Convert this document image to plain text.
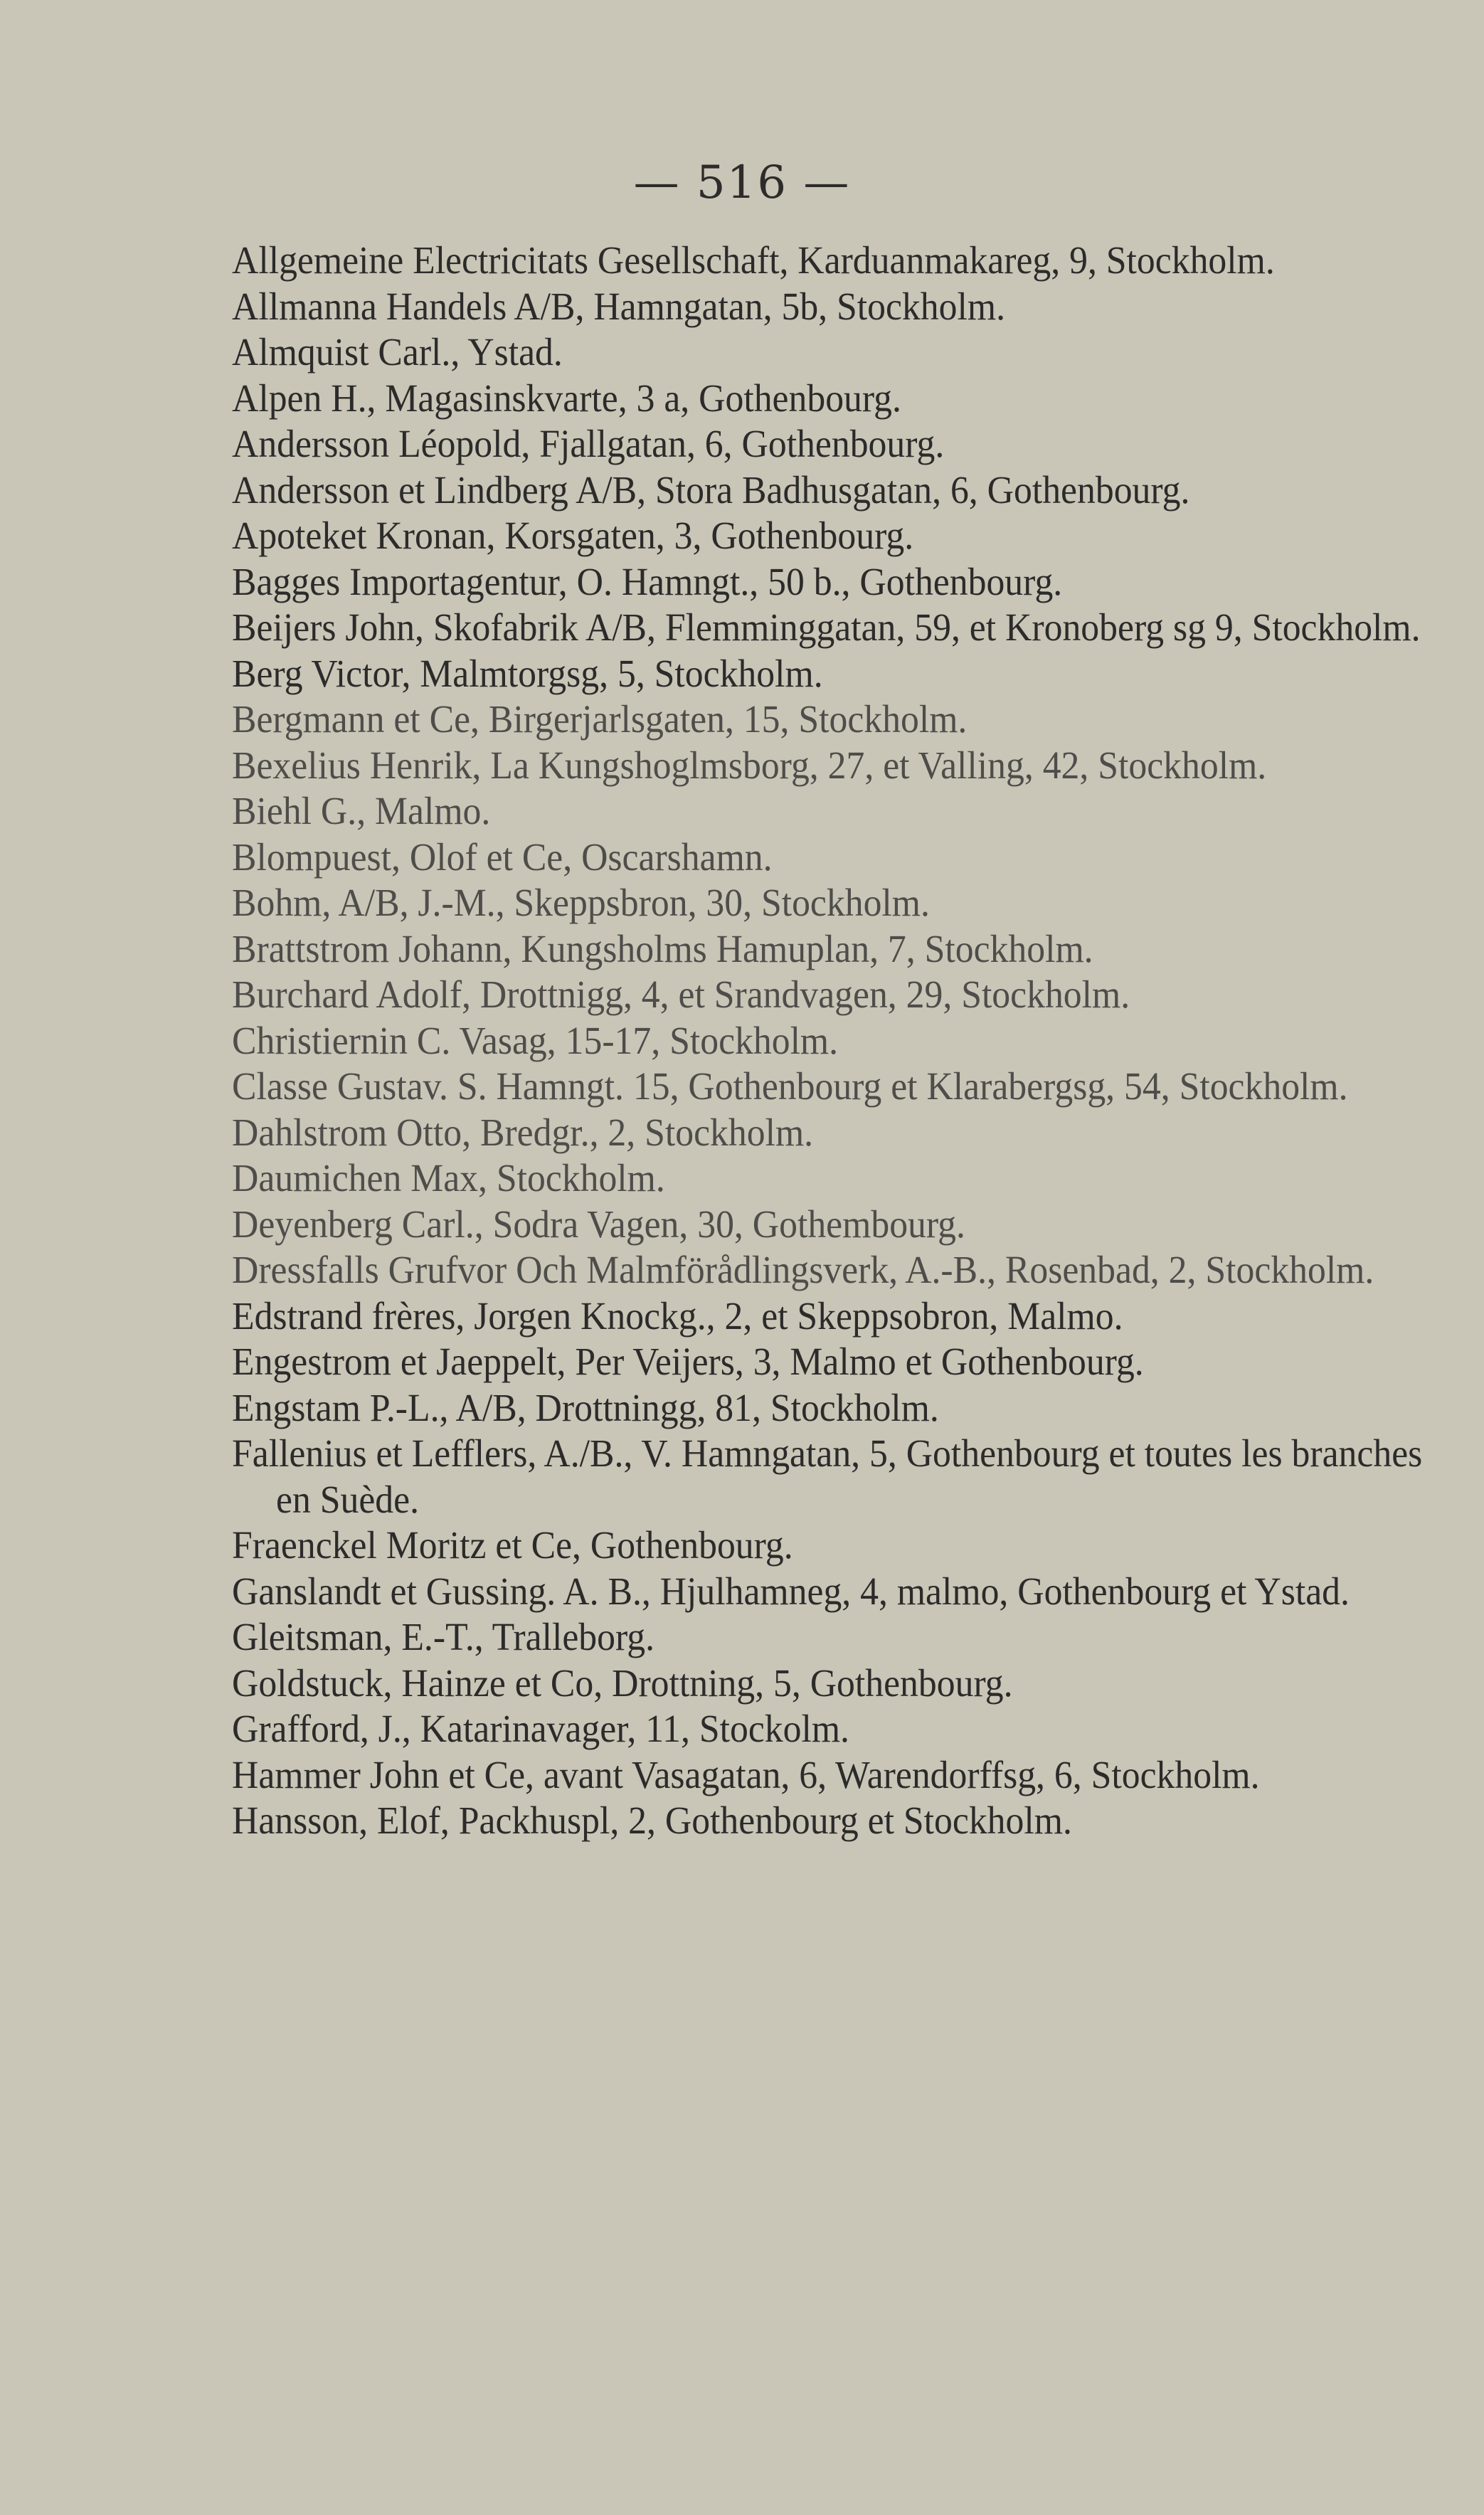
— 516 —
Allgemeine Electricitats Gesellschaft, Karduanmakareg, 9, Stockholm.
Allmanna Handels A/B, Hamngatan, 5b, Stockholm.
Almquist Carl., Ystad.
Alpen H., Magasinskvarte, 3 a, Gothenbourg.
Andersson Léopold, Fjallgatan, 6, Gothenbourg.
Andersson et Lindberg A/B, Stora Badhusgatan, 6, Gothenbourg.
Apoteket Kronan, Korsgaten, 3, Gothenbourg.
Bagges Importagentur, O. Hamngt., 50 b., Gothenbourg.
Beijers John, Skofabrik A/B, Flemminggatan, 59, et Kronoberg sg 9, Stockholm.
Berg Victor, Malmtorgsg, 5, Stockholm.
Bergmann et Ce, Birgerjarlsgaten, 15, Stockholm.
Bexelius Henrik, La Kungshoglmsborg, 27, et Valling, 42, Stockholm.
Biehl G., Malmo.
Blompuest, Olof et Ce, Oscarshamn.
Bohm, A/B, J.-M., Skeppsbron, 30, Stockholm.
Brattstrom Johann, Kungsholms Hamuplan, 7, Stockholm.
Burchard Adolf, Drottnigg, 4, et Srandvagen, 29, Stockholm.
Christiernin C. Vasag, 15-17, Stockholm.
Classe Gustav. S. Hamngt. 15, Gothenbourg et Klarabergsg, 54, Stockholm.
Dahlstrom Otto, Bredgr., 2, Stockholm.
Daumichen Max, Stockholm.
Deyenberg Carl., Sodra Vagen, 30, Gothembourg.
Dressfalls Grufvor Och Malmförådlingsverk, A.-B., Rosenbad, 2, Stockholm.
Edstrand frères, Jorgen Knockg., 2, et Skeppsobron, Malmo.
Engestrom et Jaeppelt, Per Veijers, 3, Malmo et Gothenbourg.
Engstam P.-L., A/B, Drottningg, 81, Stockholm.
Fallenius et Lefflers, A./B., V. Hamngatan, 5, Gothenbourg et toutes les branches en Suède.
Fraenckel Moritz et Ce, Gothenbourg.
Ganslandt et Gussing. A. B., Hjulhamneg, 4, malmo, Gothenbourg et Ystad.
Gleitsman, E.-T., Tralleborg.
Goldstuck, Hainze et Co, Drottning, 5, Gothenbourg.
Grafford, J., Katarinavager, 11, Stockolm.
Hammer John et Ce, avant Vasagatan, 6, Warendorffsg, 6, Stockholm.
Hansson, Elof, Packhuspl, 2, Gothenbourg et Stockholm.
